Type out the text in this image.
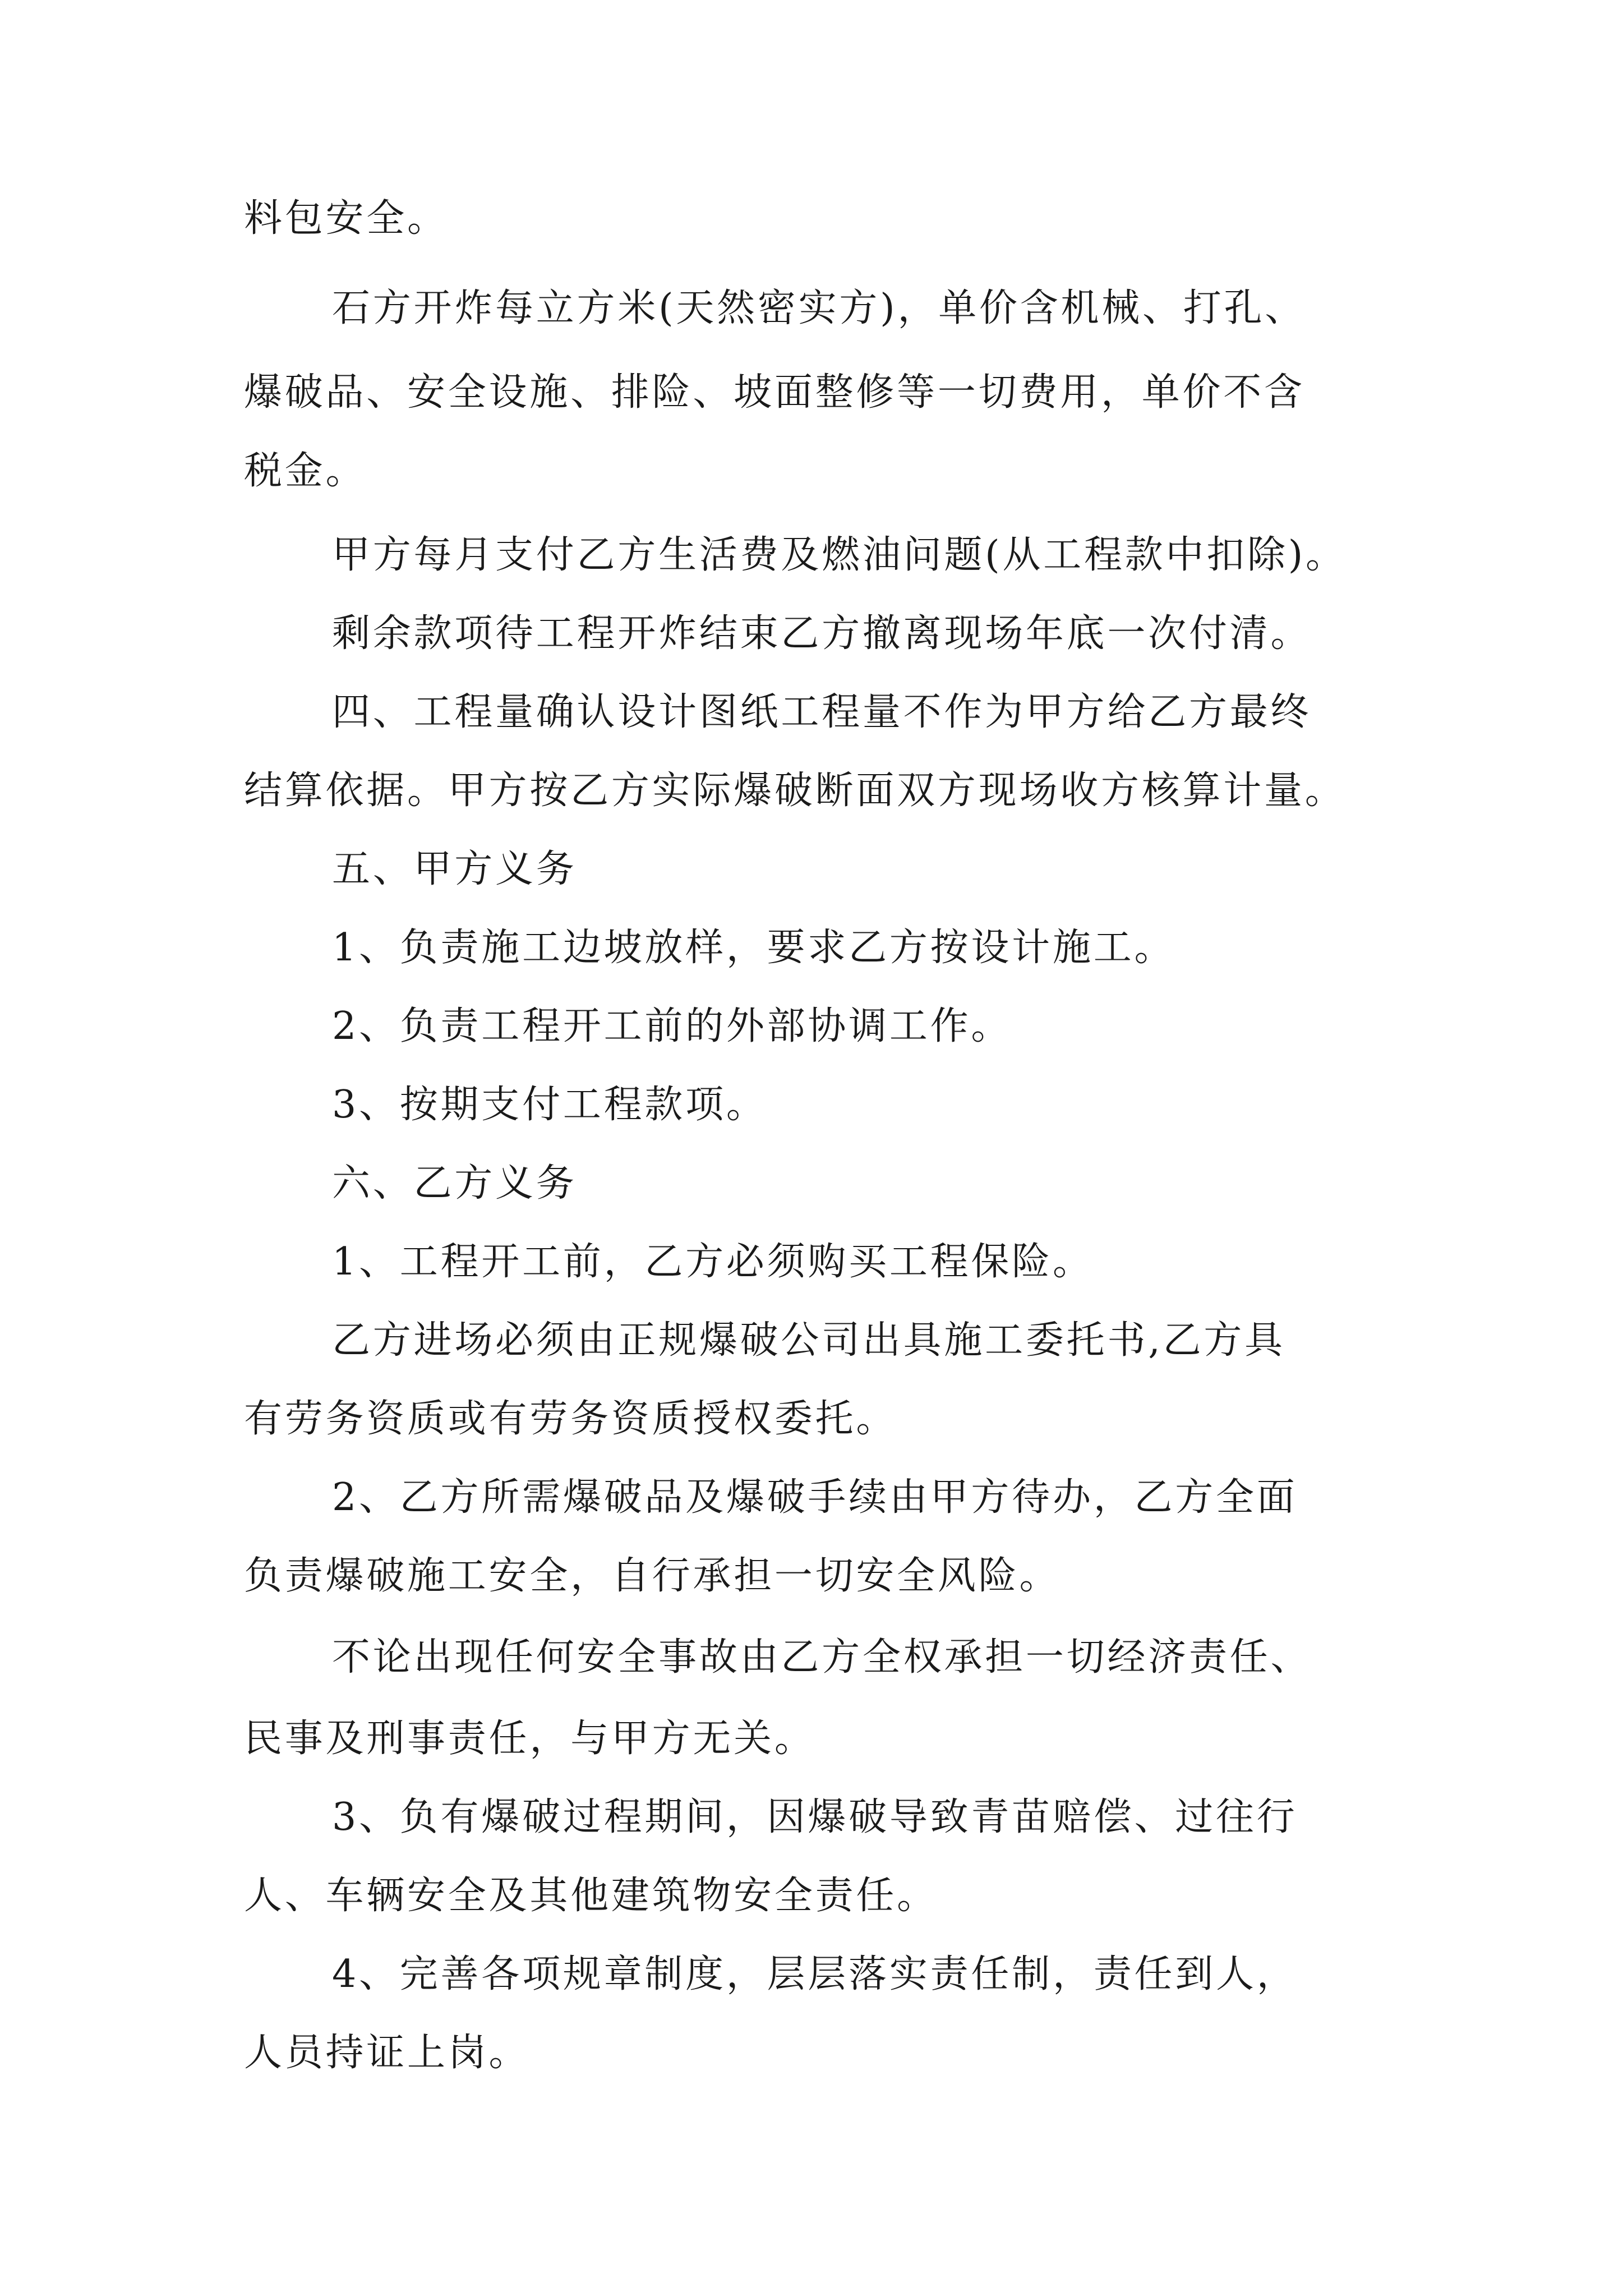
料包安全。
石方开炸每立方米(天然密实方)，单价含机械、打孔、
爆破品、安全设施、排险、坡面整修等一切费用，单价不含
税金。
甲方每月支付乙方生活费及燃油问题(从工程款中扣除)。
剩余款项待工程开炸结束乙方撤离现场年底一次付清。
四、工程量确认设计图纸工程量不作为甲方给乙方最终
结算依据。甲方按乙方实际爆破断面双方现场收方核算计量。
五、甲方义务
1、负责施工边坡放样，要求乙方按设计施工。
2、负责工程开工前的外部协调工作。
3、按期支付工程款项。
六、乙方义务
1、工程开工前，乙方必须购买工程保险。
乙方进场必须由正规爆破公司出具施工委托书,乙方具
有劳务资质或有劳务资质授权委托。
2、乙方所需爆破品及爆破手续由甲方待办，乙方全面
负责爆破施工安全，自行承担一切安全风险。
不论出现任何安全事故由乙方全权承担一切经济责任、
民事及刑事责任，与甲方无关。
3、负有爆破过程期间，因爆破导致青苗赔偿、过往行
人、车辆安全及其他建筑物安全责任。
4、完善各项规章制度，层层落实责任制，责任到人，
人员持证上岗。
